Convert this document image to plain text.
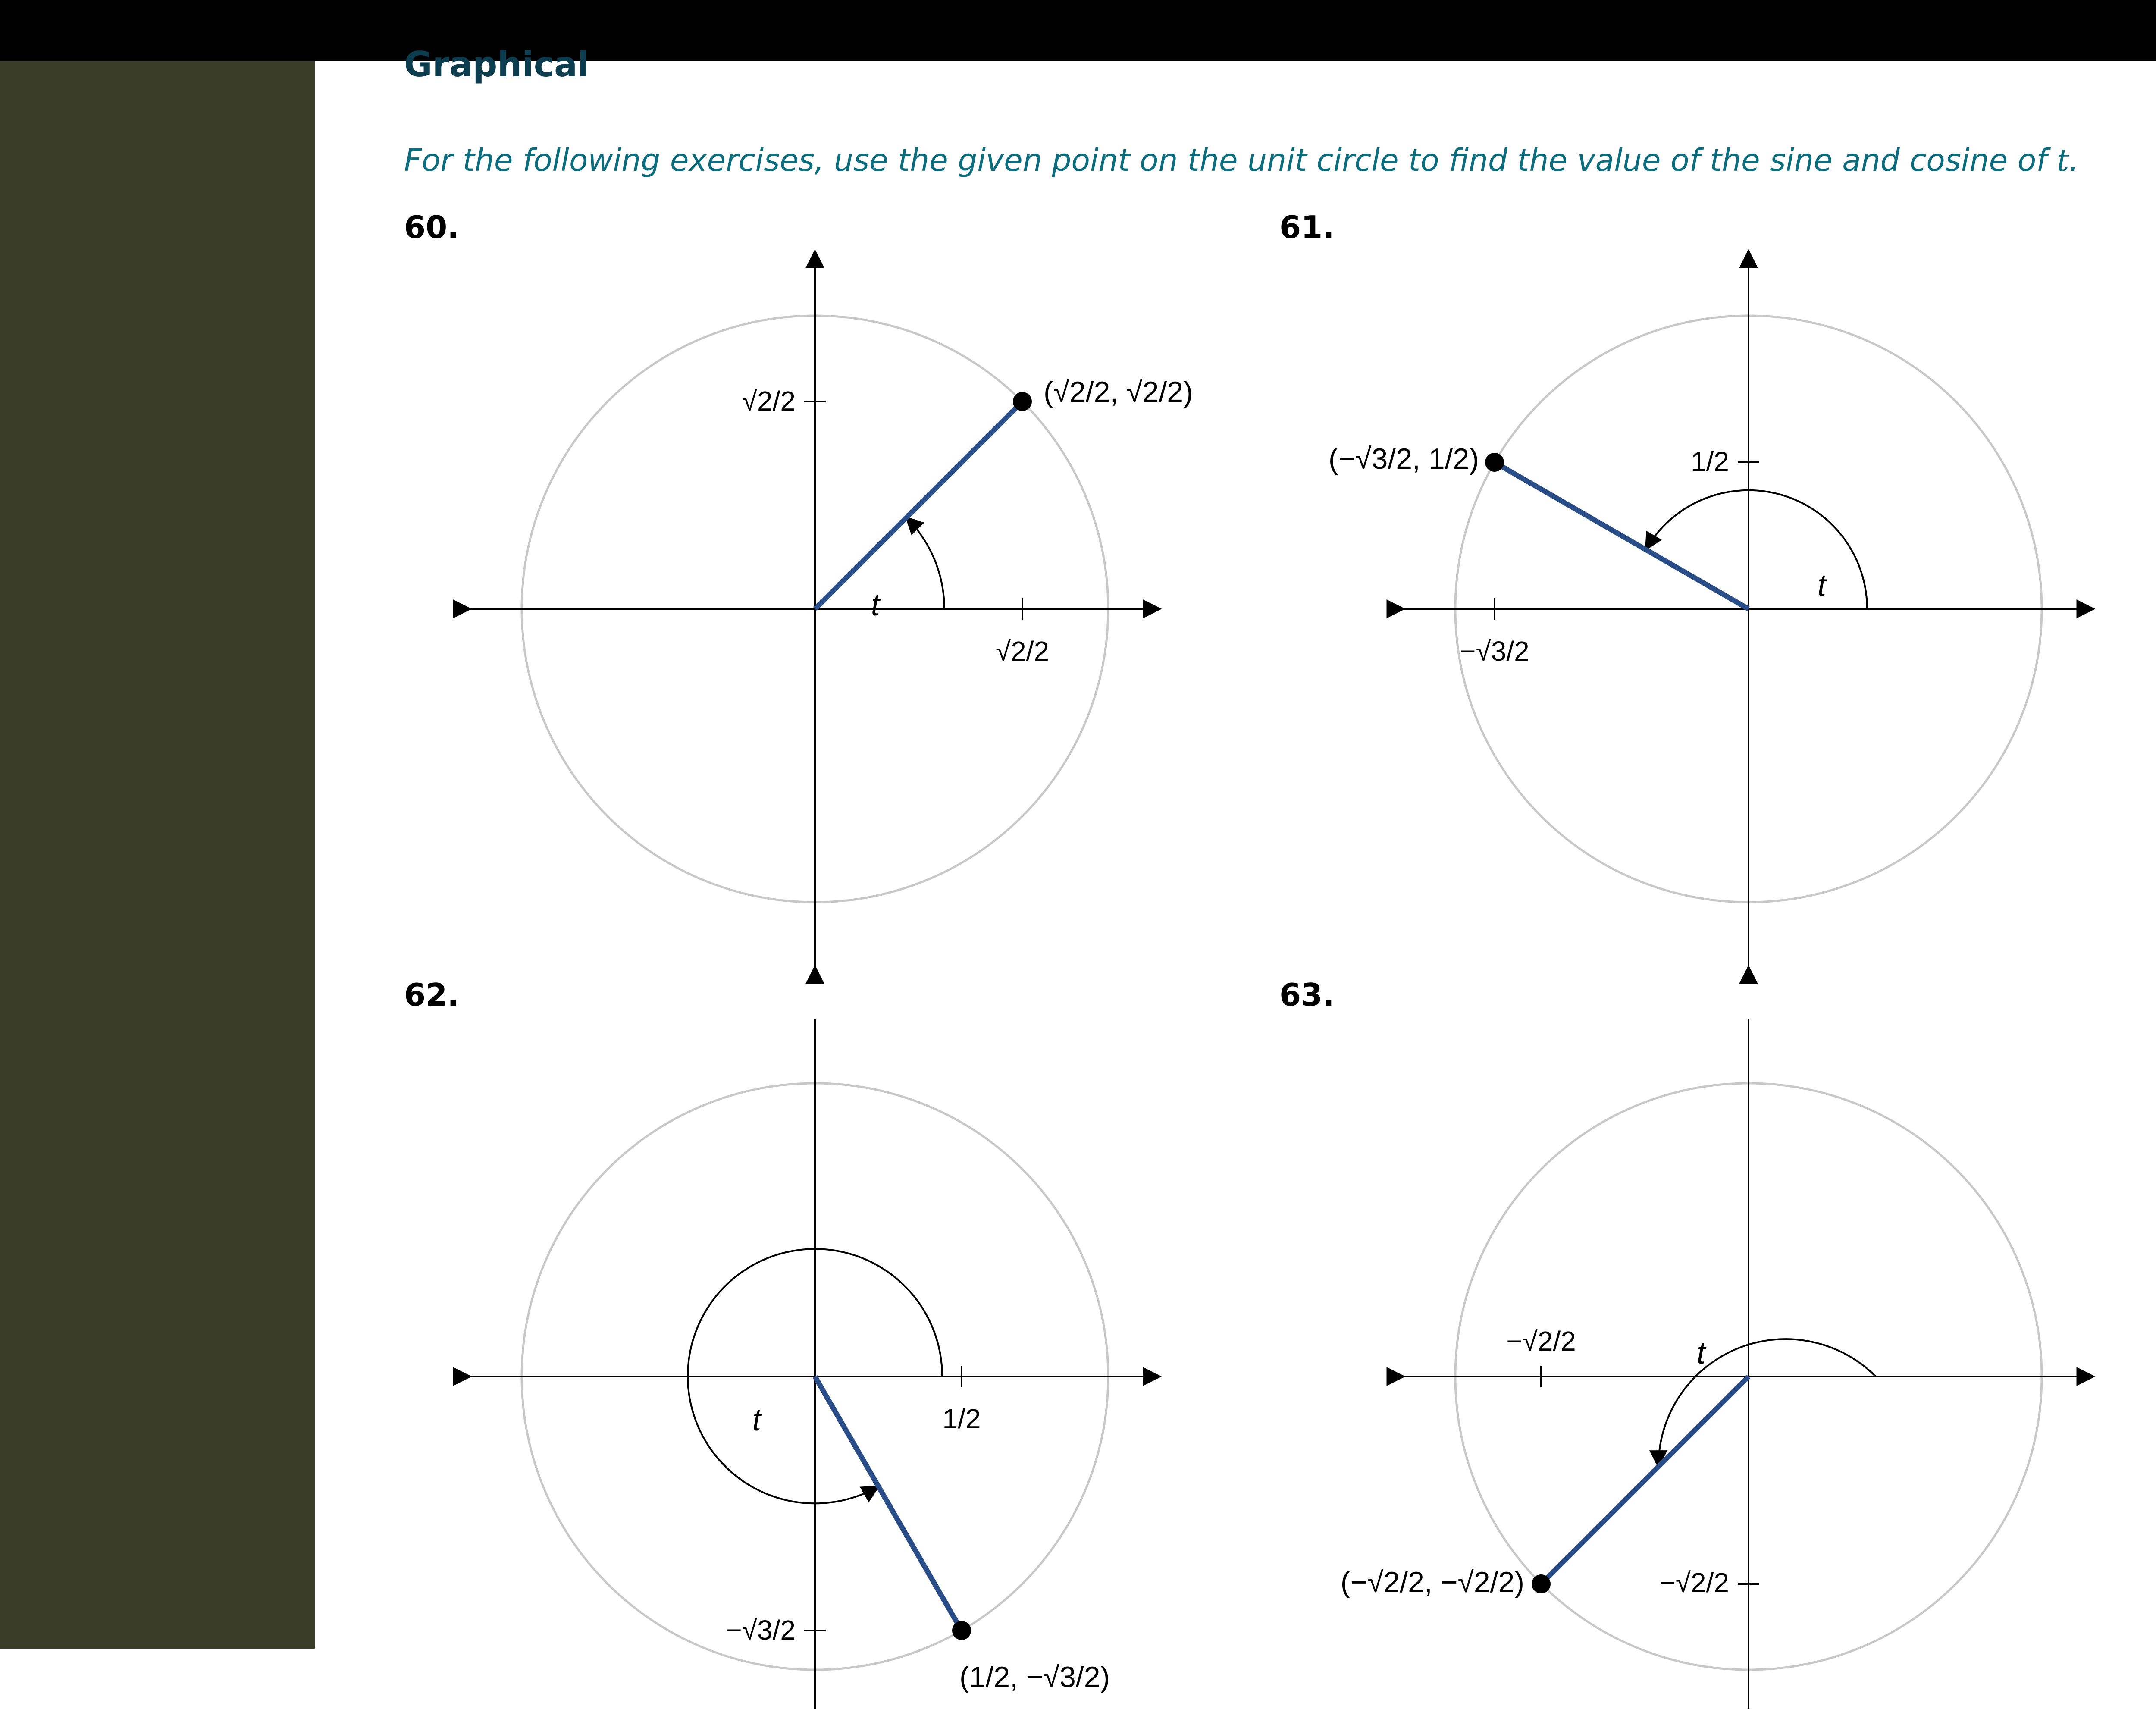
Graphical

For the following exercises, use the given point on the unit circle to find the value of the sine and cosine of t.

60.
t
(√2/2, √2/2)
√2/2
√2/2
61.
t
(−√3/2, 1/2)
−√3/2
1/2
62.
t
(1/2, −√3/2)
1/2
−√3/2
63.
t
(−√2/2, −√2/2)
−√2/2
−√2/2
